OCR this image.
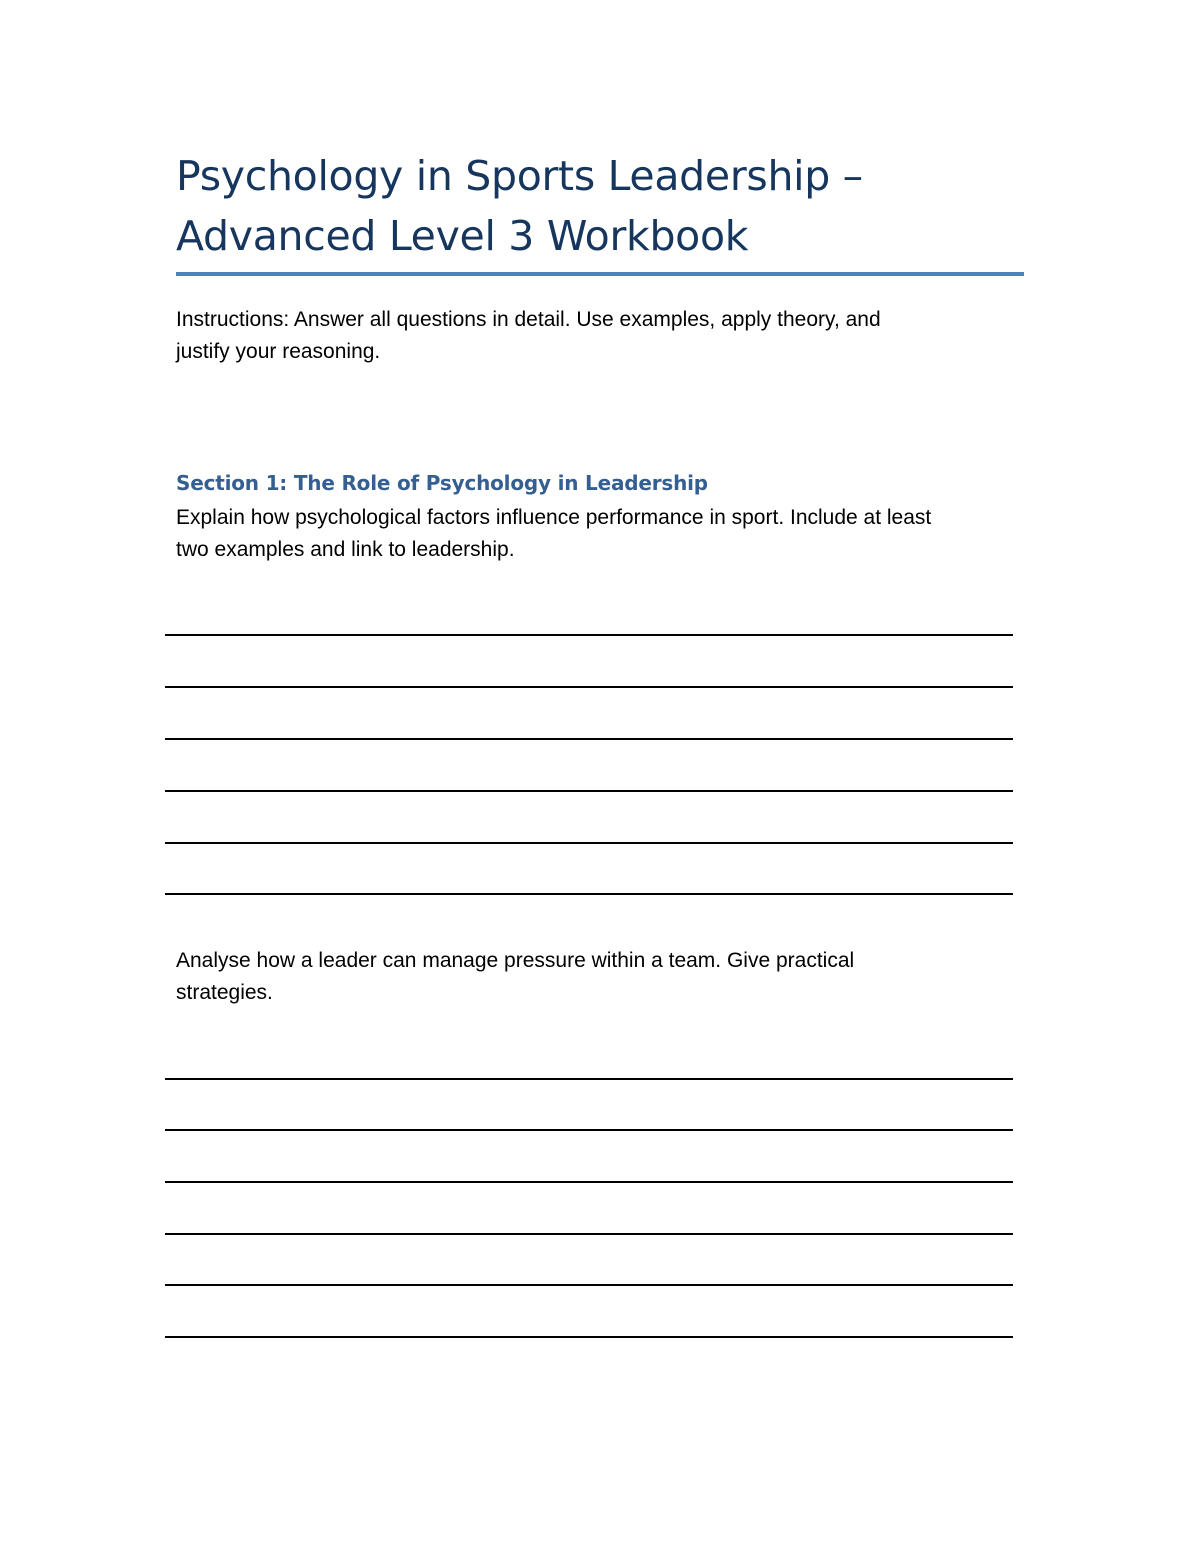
Psychology in Sports Leadership –
Advanced Level 3 Workbook

Instructions: Answer all questions in detail. Use examples, apply theory, and
justify your reasoning.

Section 1: The Role of Psychology in Leadership

Explain how psychological factors influence performance in sport. Include at least
two examples and link to leadership.

Analyse how a leader can manage pressure within a team. Give practical
strategies.
